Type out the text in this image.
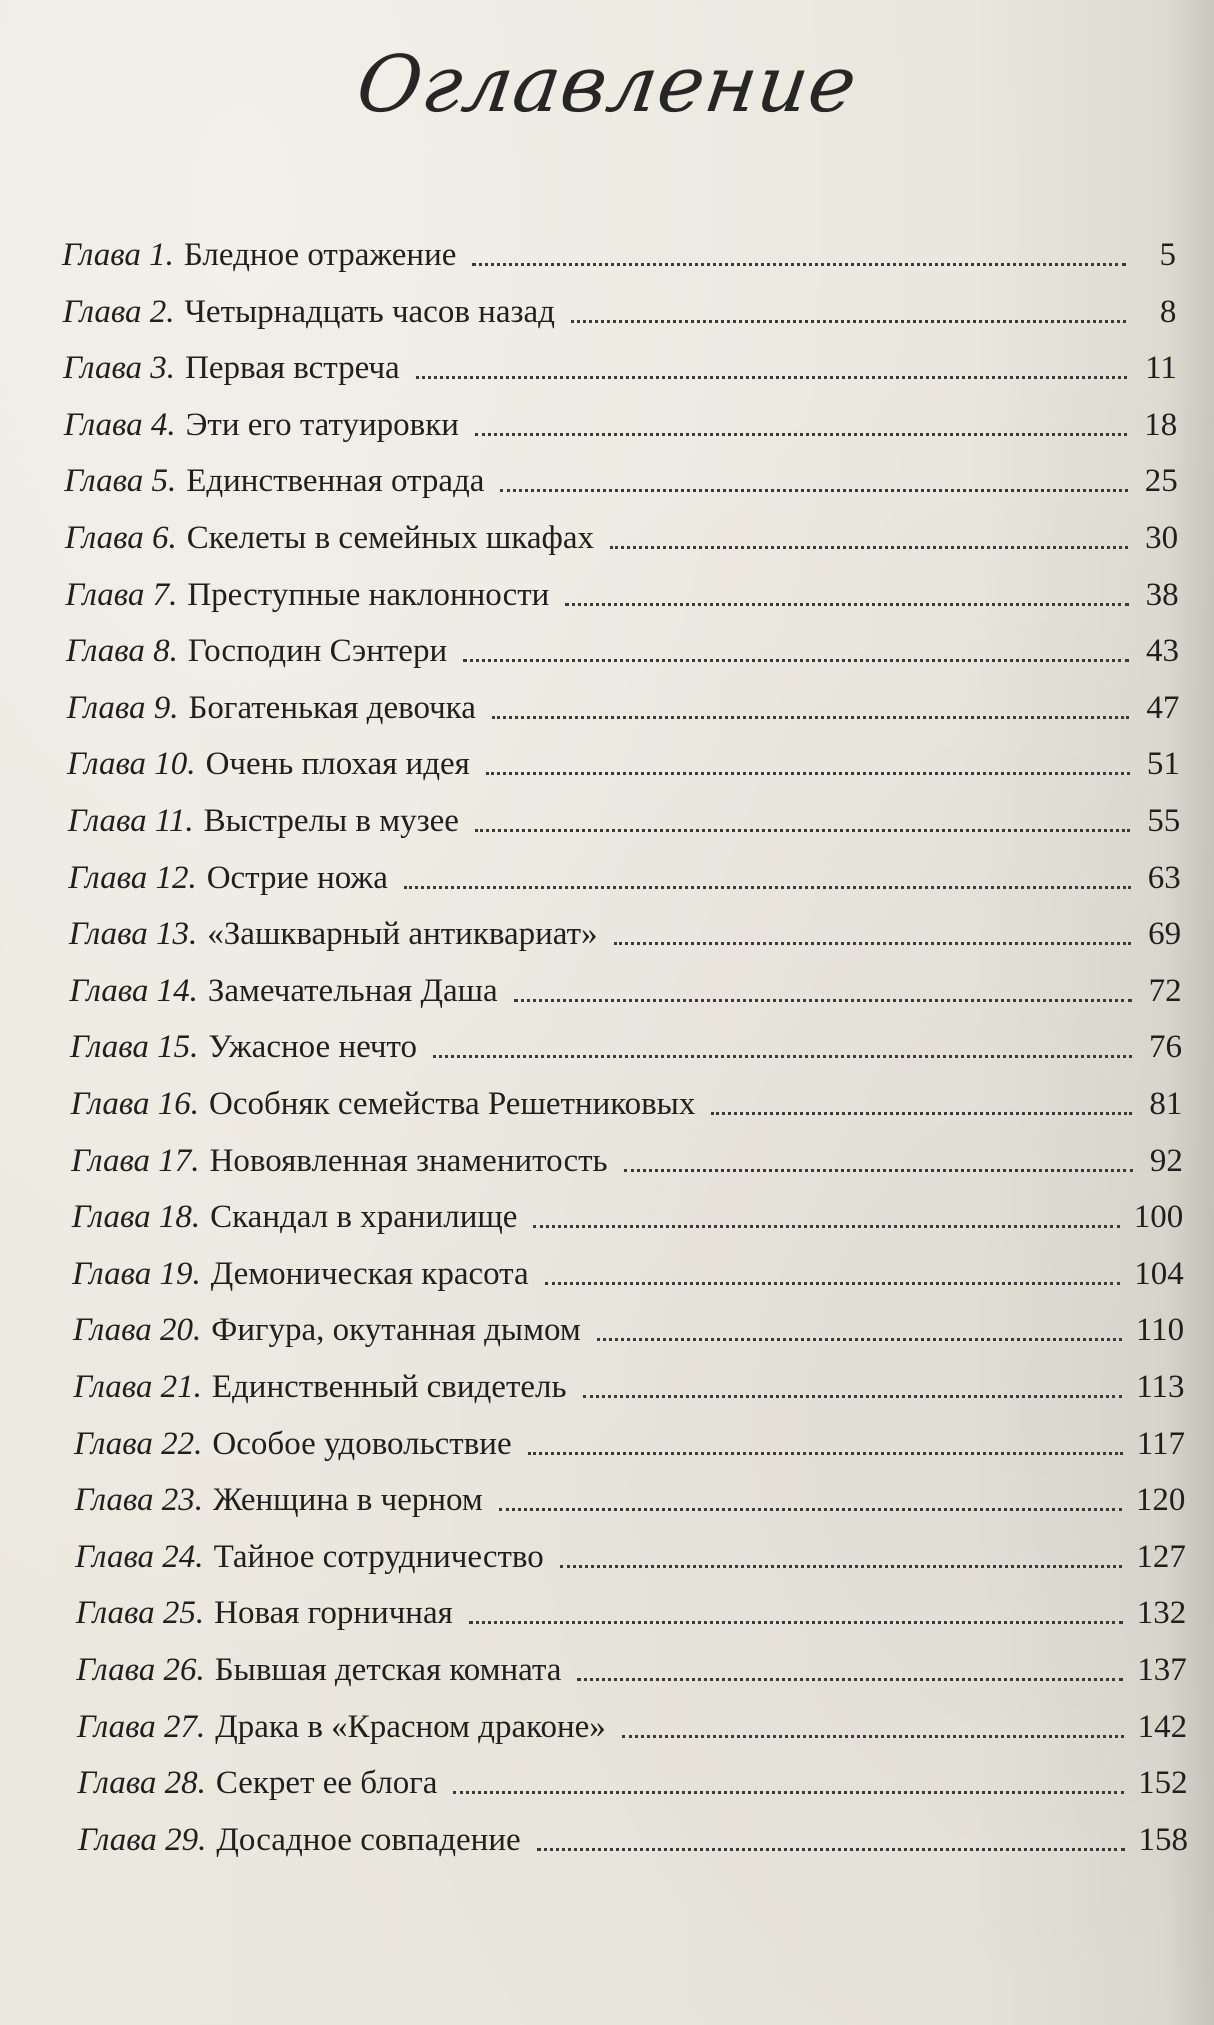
Оглавление
Глава 1. Бледное отражение	5
Глава 2. Четырнадцать часов назад	8
Глава 3. Первая встреча	11
Глава 4. Эти его татуировки	18
Глава 5. Единственная отрада	25
Глава 6. Скелеты в семейных шкафах	30
Глава 7. Преступные наклонности	38
Глава 8. Господин Сэнтери	43
Глава 9. Богатенькая девочка	47
Глава 10. Очень плохая идея	51
Глава 11. Выстрелы в музее	55
Глава 12. Острие ножа	63
Глава 13. «Зашкварный антиквариат»	69
Глава 14. Замечательная Даша	72
Глава 15. Ужасное нечто	76
Глава 16. Особняк семейства Решетниковых	81
Глава 17. Новоявленная знаменитость	92
Глава 18. Скандал в хранилище	100
Глава 19. Демоническая красота	104
Глава 20. Фигура, окутанная дымом	110
Глава 21. Единственный свидетель	113
Глава 22. Особое удовольствие	117
Глава 23. Женщина в черном	120
Глава 24. Тайное сотрудничество	127
Глава 25. Новая горничная	132
Глава 26. Бывшая детская комната	137
Глава 27. Драка в «Красном драконе»	142
Глава 28. Секрет ее блога	152
Глава 29. Досадное совпадение	158
